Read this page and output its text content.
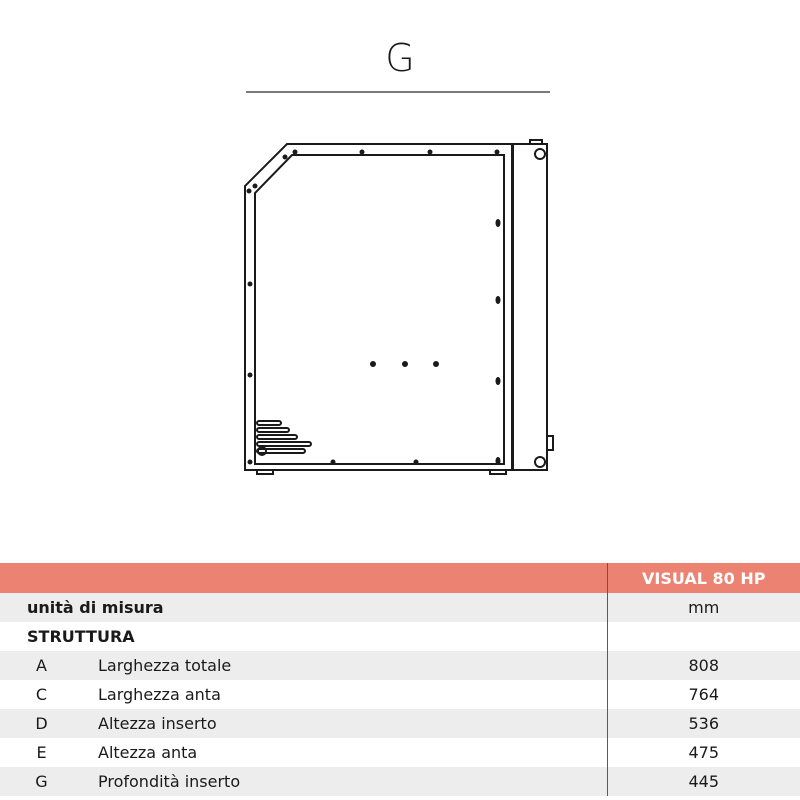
G
		VISUAL 80 HP
unità di misura		mm
STRUTTURA		
A	Larghezza totale	808
C	Larghezza anta	764
D	Altezza inserto	536
E	Altezza anta	475
G	Profondità inserto	445
